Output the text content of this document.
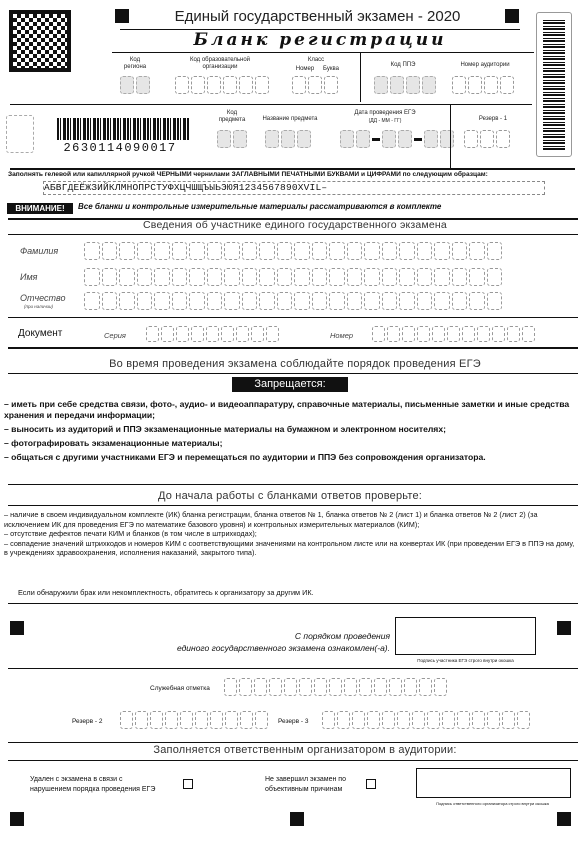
Единый государственный экзамен - 2020
Бланк регистрации
Код
региона
Код образовательной
организации
Класс
Номер	Буква
Код ППЭ	Номер аудитории
2630114090017
Код
предмета	Название предмета
Дата проведения ЕГЭ
(ДД - ММ - ГГ)	Резерв - 1
Заполнять гелевой или капиллярной ручкой ЧЕРНЫМИ чернилами ЗАГЛАВНЫМИ ПЕЧАТНЫМИ БУКВАМИ и ЦИФРАМИ по следующим образцам:
АБВГДЕЁЖЗИЙКЛМНОПРСТУФХЦЧШЩЪЫЬЭЮЯ1234567890XVIL–
ВНИМАНИЕ!	Все бланки и контрольные измерительные материалы рассматриваются в комплекте
Сведения об участнике единого государственного экзамена
Фамилия
Имя
Отчество
(при наличии)
Документ	Серия	Номер
Во время проведения экзамена соблюдайте порядок проведения ЕГЭ
Запрещается:
– иметь при себе средства связи, фото-, аудио- и видеоаппаратуру, справочные материалы, письменные заметки и иные средства хранения и передачи информации;
– выносить из аудиторий и ППЭ экзаменационные материалы на бумажном и электронном носителях;
– фотографировать экзаменационные материалы;
– общаться с другими участниками ЕГЭ и перемещаться по аудитории и ППЭ без сопровождения организатора.
До начала работы с бланками ответов проверьте:
– наличие в своем индивидуальном комплекте (ИК) бланка регистрации, бланка ответов № 1, бланка ответов № 2 (лист 1) и бланка ответов № 2 (лист 2) (за исключением ИК для проведения ЕГЭ по математике базового уровня) и контрольных измерительных материалов (КИМ);
– отсутствие дефектов печати КИМ и бланков (в том числе в штрихкодах);
– совпадение значений штрихкодов и номеров КИМ с соответствующими значениями на контрольном листе или на конвертах ИК (при проведении ЕГЭ в ППЭ на дому, в учреждениях здравоохранения, исполнения наказаний, закрытого типа).
Если обнаружили брак или некомплектность, обратитесь к организатору за другим ИК.
С порядком проведения
единого государственного экзамена ознакомлен(-а).
Подпись участника ЕГЭ строго внутри окошка
Служебная отметка
Резерв - 2	Резерв - 3
Заполняется ответственным организатором в аудитории:
Удален с экзамена в связи с
нарушением порядка проведения ЕГЭ
Не завершил экзамен по
объективным причинам
Подпись ответственного организатора строго внутри окошка
